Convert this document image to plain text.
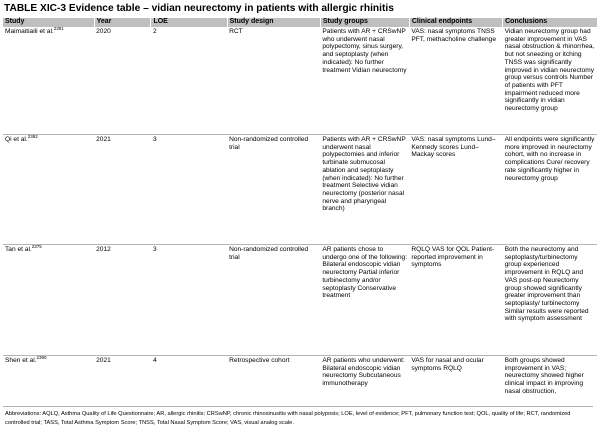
TABLE XIC-3 Evidence table – vidian neurectomy in patients with allergic rhinitis
Study	Year	LOE	Study design	Study groups	Clinical endpoints	Conclusions
Maimaitiaili et al.$^{2391}$	2020	2	RCT	Patients with AR + CRSwNP who underwent nasal polypectomy, sinus surgery, and septoplasty (when indicated): No further treatment Vidian neurectomy	VAS: nasal symptoms TNSS PFT, methacholine challenge	Vidian neurectomy group had greater improvement in VAS nasal obstruction & rhinorrhea, but not sneezing or itching TNSS was significantly improved in vidian neurectomy group versus controls Number of patients with PFT impairment reduced more significantly in vidian neurectomy group
Qi et al.$^{2392}$	2021	3	Non-randomized controlled trial	Patients with AR + CRSwNP underwent nasal polypectomies and inferior turbinate submucosal ablation and septoplasty (when indicated): No further treatment Selective vidian neurectomy (posterior nasal nerve and pharyngeal branch)	VAS: nasal symptoms Lund–Kennedy scores Lund–Mackay scores	All endpoints were significantly more improved in neurectomy cohort, with no increase in complications Cure/ recovery rate significantly higher in neurectomy group
Tan et al.$^{2375}$	2012	3	Non-randomized controlled trial	AR patients chose to undergo one of the following: Bilateral endoscopic vidian neurectomy Partial inferior turbinectomy and/or septoplasty Conservative treatment	RQLQ VAS for QOL Patient-reported improvement in symptoms	Both the neurectomy and septoplasty/turbinectomy group experienced improvement in RQLQ and VAS post-op Neurectomy group showed significantly greater improvement than septoplasty/ turbinectomy Similar results were reported with symptom assessment
Shen et al.$^{2390}$	2021	4	Retrospective cohort	AR patients who underwent: Bilateral endoscopic vidian neurectomy Subcutaneous immunotherapy	VAS for nasal and ocular symptoms RQLQ	Both groups showed improvement in VAS; neurectomy showed higher clinical impact in improving nasal obstruction,
Abbreviations: AQLQ, Asthma Quality of Life Questionnaire; AR, allergic rhinitis; CRSwNP, chronic rhinosinusitis with nasal polyposis; LOE, level of evidence; PFT, pulmonary function test; QOL, quality of life; RCT, randomized controlled trial; TASS, Total Asthma Symptom Score; TNSS, Total Nasal Symptom Score; VAS, visual analog scale.
